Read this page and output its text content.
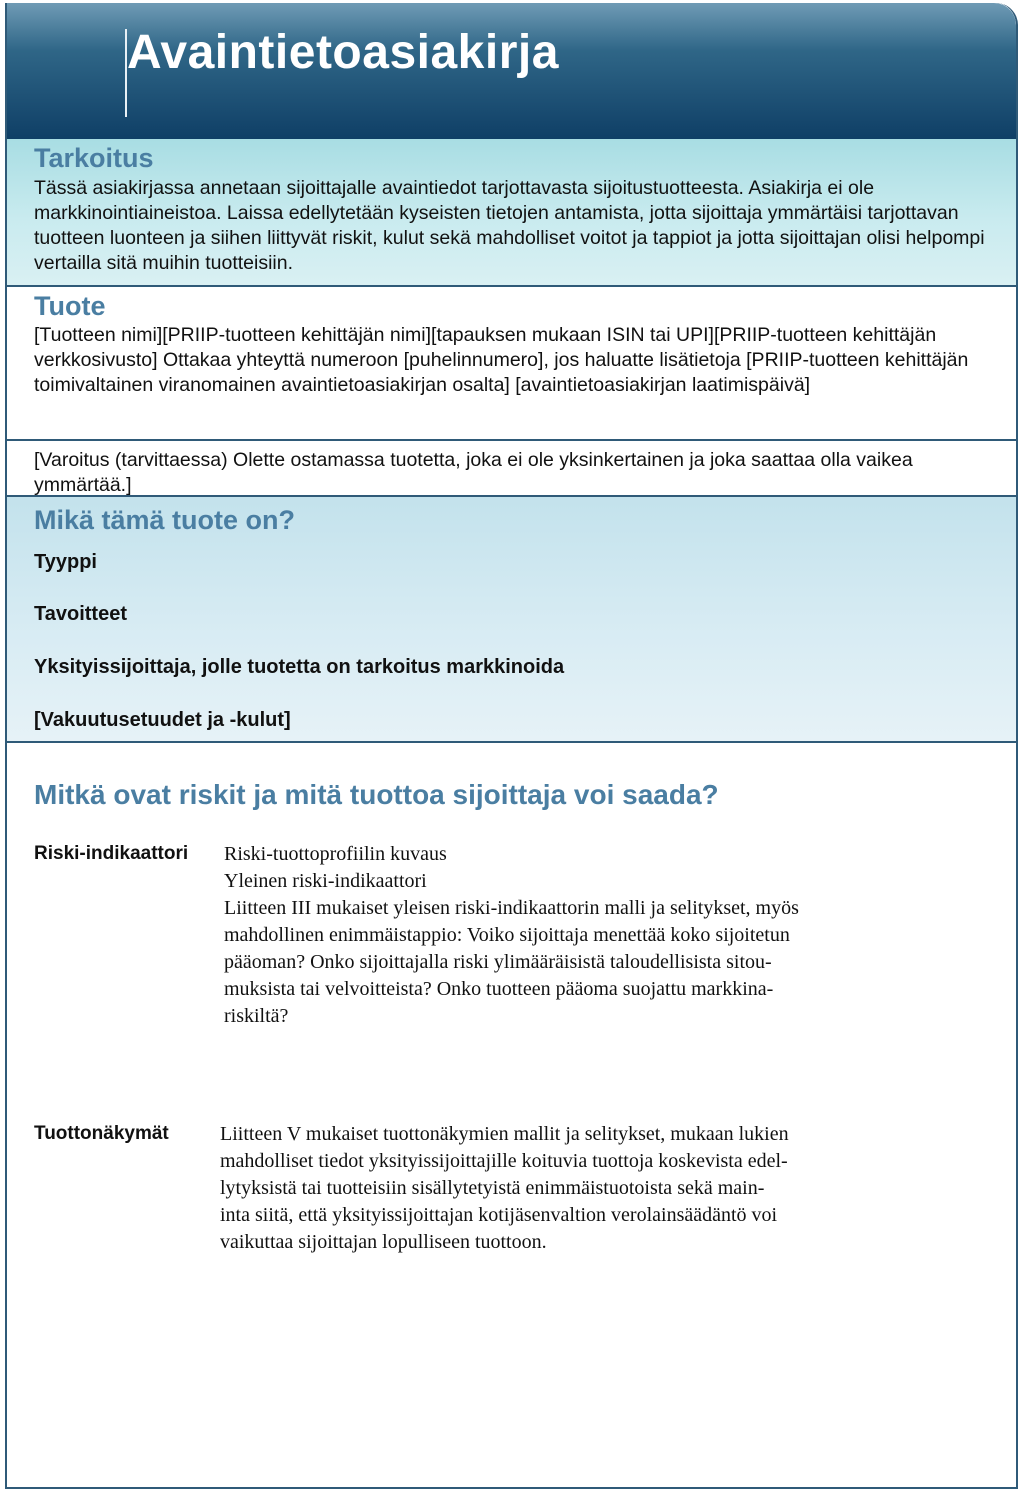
Avaintietoasiakirja
Tarkoitus
Tässä asiakirjassa annetaan sijoittajalle avaintiedot tarjottavasta sijoitustuotteesta. Asiakirja ei ole markkinointiaineistoa. Laissa edellytetään kyseisten tietojen antamista, jotta sijoittaja ymmärtäisi tarjottavan tuotteen luonteen ja siihen liittyvät riskit, kulut sekä mahdolliset voitot ja tappiot ja jotta sijoittajan olisi helpompi vertailla sitä muihin tuotteisiin.
Tuote
[Tuotteen nimi][PRIIP-tuotteen kehittäjän nimi][tapauksen mukaan ISIN tai UPI][PRIIP-tuotteen kehittäjän verkkosivusto] Ottakaa yhteyttä numeroon [puhelinnumero], jos haluatte lisätietoja [PRIIP-tuotteen kehittäjän toimivaltainen viranomainen avaintietoasiakirjan osalta] [avaintietoasiakirjan laatimispäivä]
[Varoitus (tarvittaessa) Olette ostamassa tuotetta, joka ei ole yksinkertainen ja joka saattaa olla vaikea ymmärtää.]
Mikä tämä tuote on?
Tyyppi
Tavoitteet
Yksityissijoittaja, jolle tuotetta on tarkoitus markkinoida
[Vakuutusetuudet ja -kulut]
Mitkä ovat riskit ja mitä tuottoa sijoittaja voi saada?
Riski-indikaattori Riski-tuottoprofiilin kuvaus
Yleinen riski-indikaattori
Liitteen III mukaiset yleisen riski-indikaattorin malli ja selitykset, myös
mahdollinen enimmäistappio: Voiko sijoittaja menettää koko sijoitetun
pääoman? Onko sijoittajalla riski ylimääräisistä taloudellisista sitou-
muksista tai velvoitteista? Onko tuotteen pääoma suojattu markkina-
riskiltä?
Tuottonäkymät	Liitteen V mukaiset tuottonäkymien mallit ja selitykset, mukaan lukien
mahdolliset tiedot yksityissijoittajille koituvia tuottoja koskevista edel-
lytyksistä tai tuotteisiin sisällytetyistä enimmäistuotoista sekä main-
inta siitä, että yksityissijoittajan kotijäsenvaltion verolainsäädäntö voi
vaikuttaa sijoittajan lopulliseen tuottoon.
